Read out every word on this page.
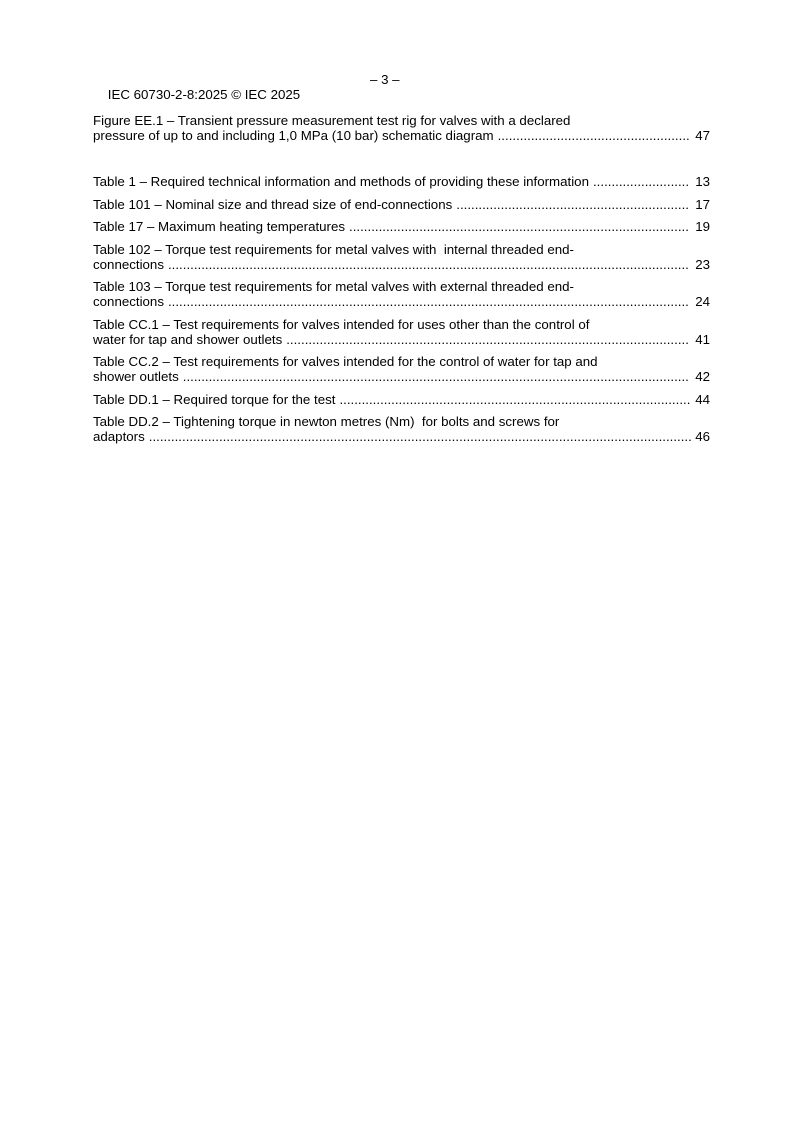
IEC 60730-2-8:2025 © IEC 2025

– 3 –

Figure EE.1 – Transient pressure measurement test rig for valves with a declared
pressure of up to and including 1,0 MPa (10 bar) schematic diagram .................................................... 47
Table 1 – Required technical information and methods of providing these information .......................... 13
Table 101 – Nominal size and thread size of end-connections ............................................................... 17
Table 17 – Maximum heating temperatures ............................................................................................ 19
Table 102 – Torque test requirements for metal valves with  internal threaded end-
connections ............................................................................................................................................. 23
Table 103 – Torque test requirements for metal valves with external threaded end-
connections ............................................................................................................................................. 24
Table CC.1 – Test requirements for valves intended for uses other than the control of
water for tap and shower outlets ............................................................................................................. 41
Table CC.2 – Test requirements for valves intended for the control of water for tap and
shower outlets ......................................................................................................................................... 42
Table DD.1 – Required torque for the test ............................................................................................... 44
Table DD.2 – Tightening torque in newton metres (Nm)  for bolts and screws for
adaptors ................................................................................................................................................... 46
